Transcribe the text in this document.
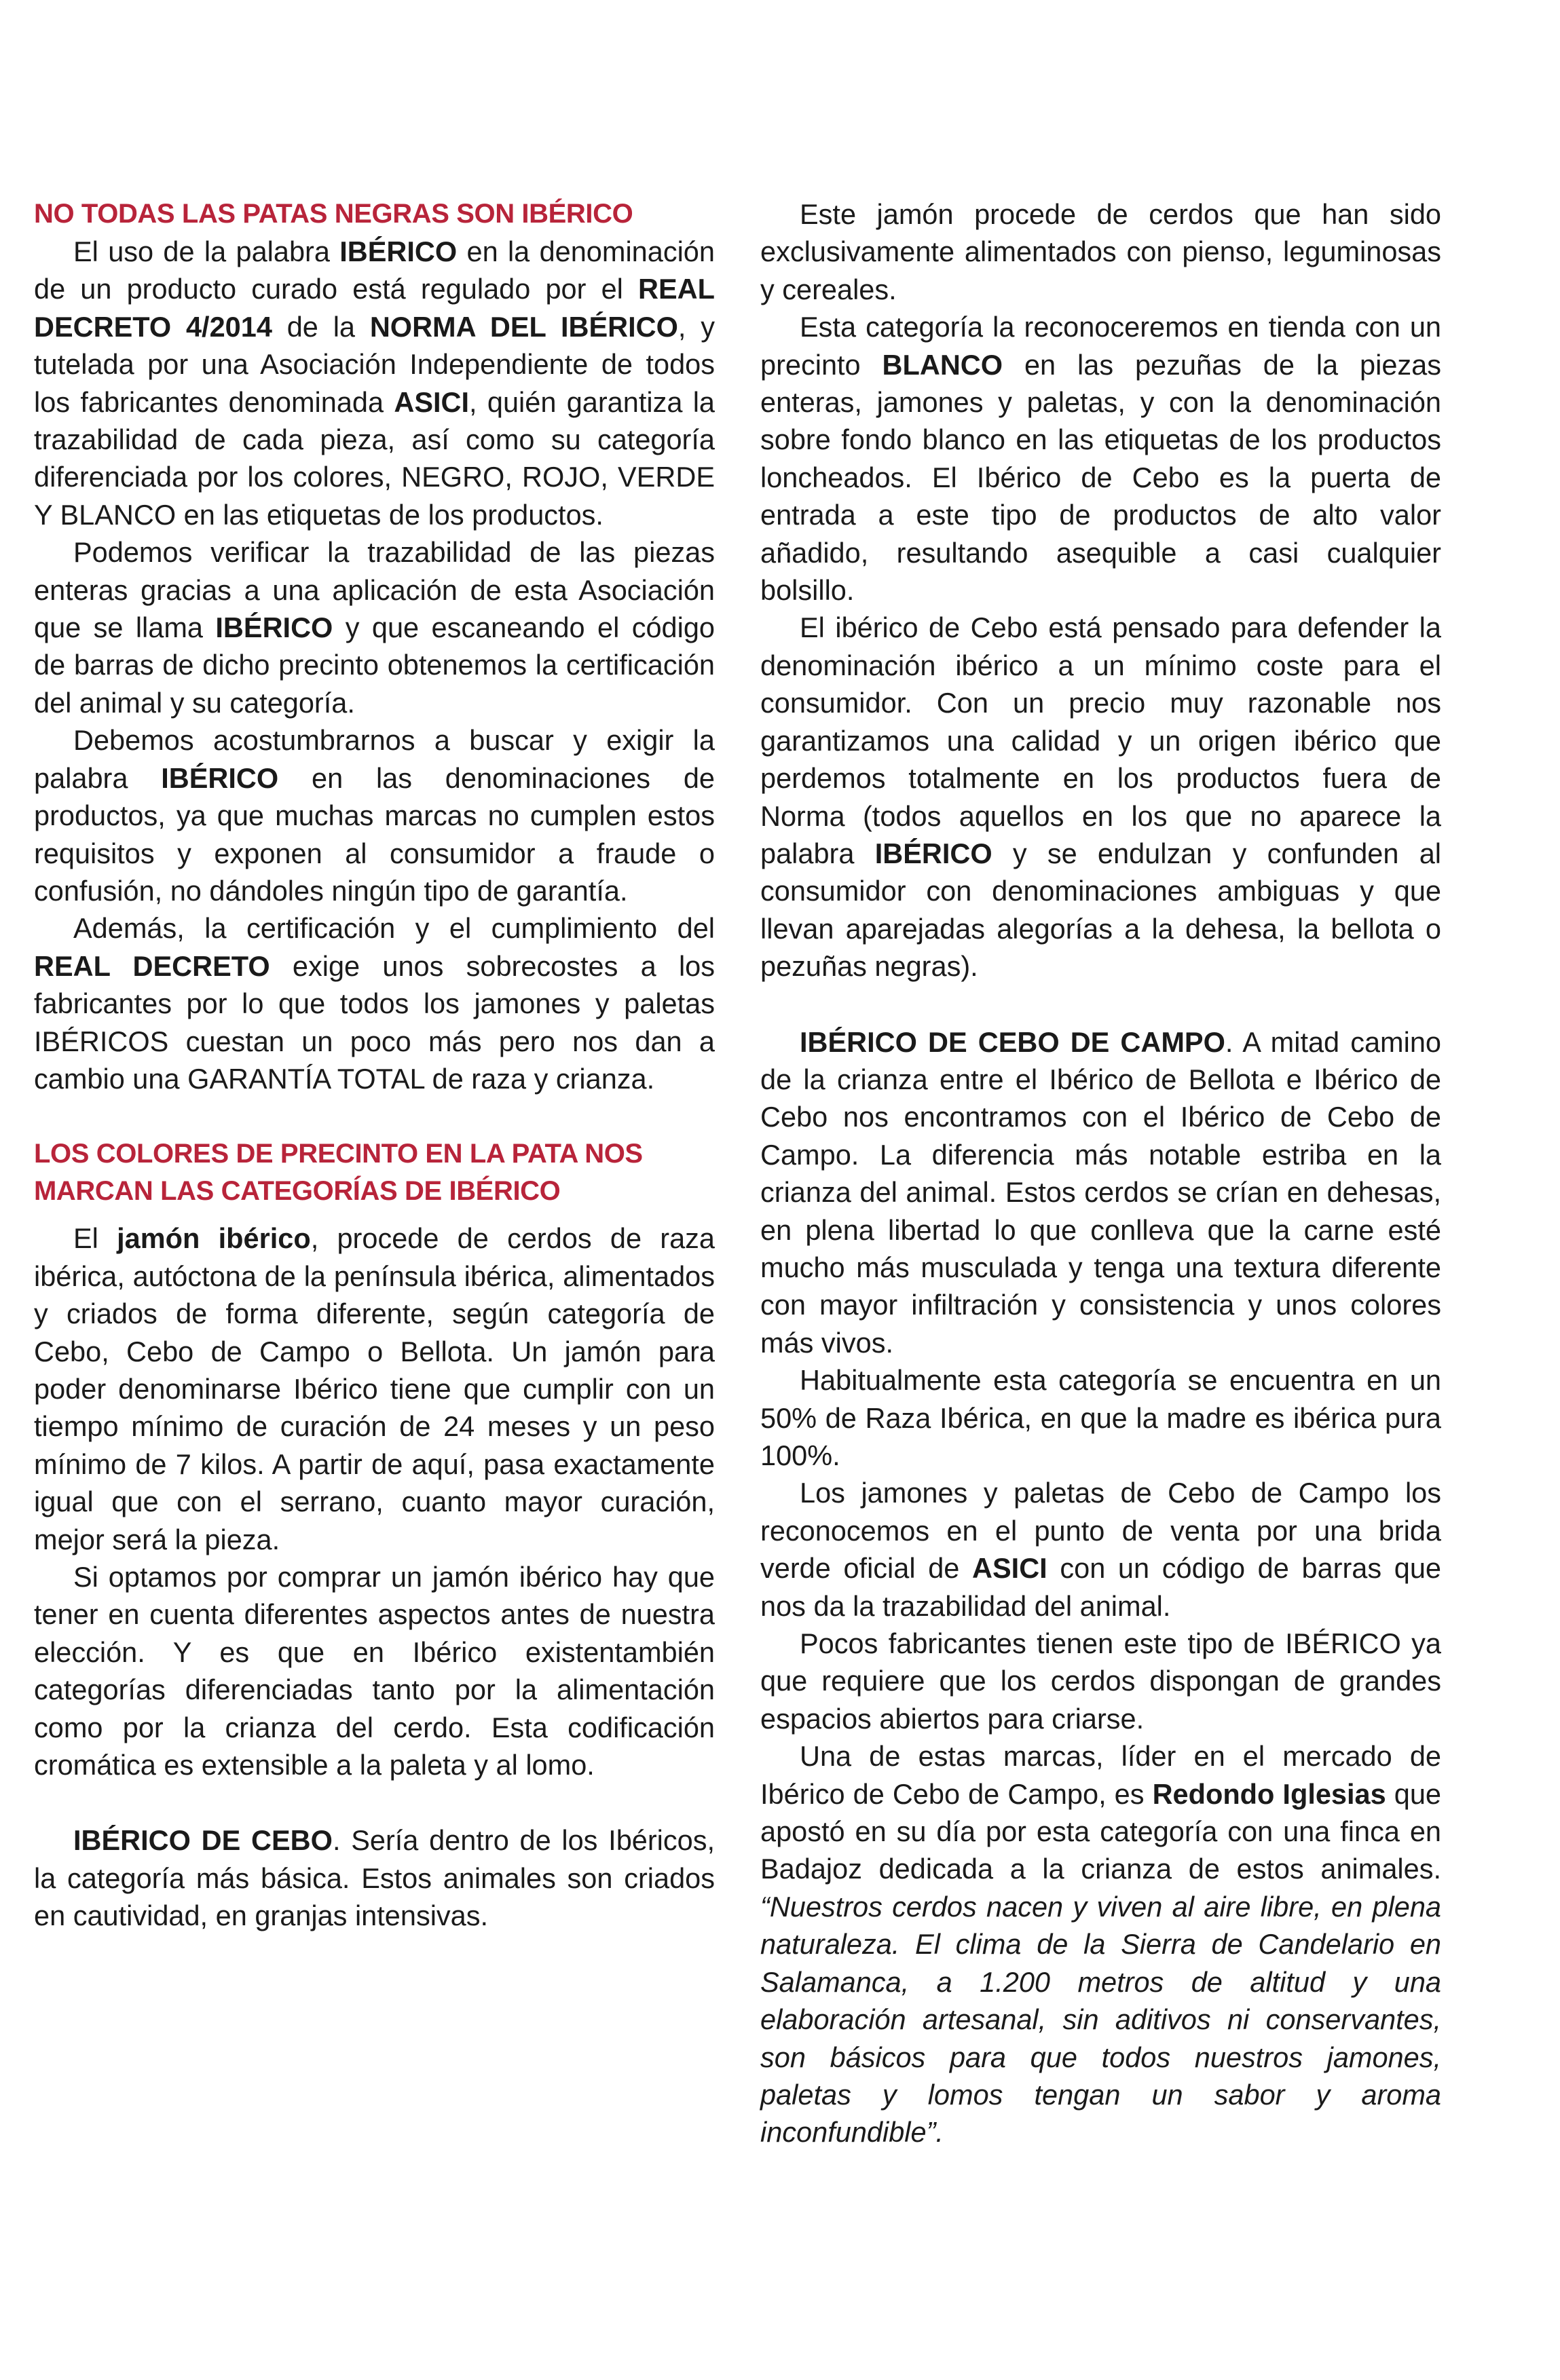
NO TODAS LAS PATAS NEGRAS SON IBÉRICO

El uso de la palabra IBÉRICO en la denominación de un producto curado está regulado por el REAL DECRETO 4/2014 de la NORMA DEL IBÉRICO, y tutelada por una Asociación Independiente de todos los fabricantes denominada ASICI, quién garantiza la trazabilidad de cada pieza, así como su categoría diferenciada por los colores, NEGRO, ROJO, VERDE Y BLANCO en las etiquetas de los productos.

Podemos verificar la trazabilidad de las piezas enteras gracias a una aplicación de esta Asociación que se llama IBÉRICO y que escaneando el código de barras de dicho precinto obtenemos la certificación del animal y su categoría.

Debemos acostumbrarnos a buscar y exigir la palabra IBÉRICO en las denominaciones de productos, ya que muchas marcas no cumplen estos requisitos y exponen al consumidor a fraude o confusión, no dándoles ningún tipo de garantía.

Además, la certificación y el cumplimiento del REAL DECRETO exige unos sobrecostes a los fabricantes por lo que todos los jamones y paletas IBÉRICOS cuestan un poco más pero nos dan a cambio una GARANTÍA TOTAL de raza y crianza.

LOS COLORES DE PRECINTO EN LA PATA NOS MARCAN LAS CATEGORÍAS DE IBÉRICO

El jamón ibérico, procede de cerdos de raza ibérica, autóctona de la península ibérica, alimentados y criados de forma diferente, según categoría de Cebo, Cebo de Campo o Bellota. Un jamón para poder denominarse Ibérico tiene que cumplir con un tiempo mínimo de curación de 24 meses y un peso mínimo de 7 kilos. A partir de aquí, pasa exactamente igual que con el serrano, cuanto mayor curación, mejor será la pieza.

Si optamos por comprar un jamón ibérico hay que tener en cuenta diferentes aspectos antes de nuestra elección. Y es que en Ibérico existentambién categorías diferenciadas tanto por la alimentación como por la crianza del cerdo. Esta codificación cromática es extensible a la paleta y al lomo.

IBÉRICO DE CEBO. Sería dentro de los Ibéricos, la categoría más básica. Estos animales son criados en cautividad, en granjas intensivas.

Este jamón procede de cerdos que han sido exclusivamente alimentados con pienso, leguminosas y cereales.

Esta categoría la reconoceremos en tienda con un precinto BLANCO en las pezuñas de la piezas enteras, jamones y paletas, y con la denominación sobre fondo blanco en las etiquetas de los productos loncheados. El Ibérico de Cebo es la puerta de entrada a este tipo de productos de alto valor añadido, resultando asequible a casi cualquier bolsillo.

El ibérico de Cebo está pensado para defender la denominación ibérico a un mínimo coste para el consumidor. Con un precio muy razonable nos garantizamos una calidad y un origen ibérico que perdemos totalmente en los productos fuera de Norma (todos aquellos en los que no aparece la palabra IBÉRICO y se endulzan y confunden al consumidor con denominaciones ambiguas y que llevan aparejadas alegorías a la dehesa, la bellota o pezuñas negras).

IBÉRICO DE CEBO DE CAMPO. A mitad camino de la crianza entre el Ibérico de Bellota e Ibérico de Cebo nos encontramos con el Ibérico de Cebo de Campo. La diferencia más notable estriba en la crianza del animal. Estos cerdos se crían en dehesas, en plena libertad lo que conlleva que la carne esté mucho más musculada y tenga una textura diferente con mayor infiltración y consistencia y unos colores más vivos.

Habitualmente esta categoría se encuentra en un 50% de Raza Ibérica, en que la madre es ibérica pura 100%.

Los jamones y paletas de Cebo de Campo los reconocemos en el punto de venta por una brida verde oficial de ASICI con un código de barras que nos da la trazabilidad del animal.

Pocos fabricantes tienen este tipo de IBÉRICO ya que requiere que los cerdos dispongan de grandes espacios abiertos para criarse.

Una de estas marcas, líder en el mercado de Ibérico de Cebo de Campo, es Redondo Iglesias que apostó en su día por esta categoría con una finca en Badajoz dedicada a la crianza de estos animales. “Nuestros cerdos nacen y viven al aire libre, en plena naturaleza. El clima de la Sierra de Candelario en Salamanca, a 1.200 metros de altitud y una elaboración artesanal, sin aditivos ni conservantes, son básicos para que todos nuestros jamones, paletas y lomos tengan un sabor y aroma inconfundible”.
